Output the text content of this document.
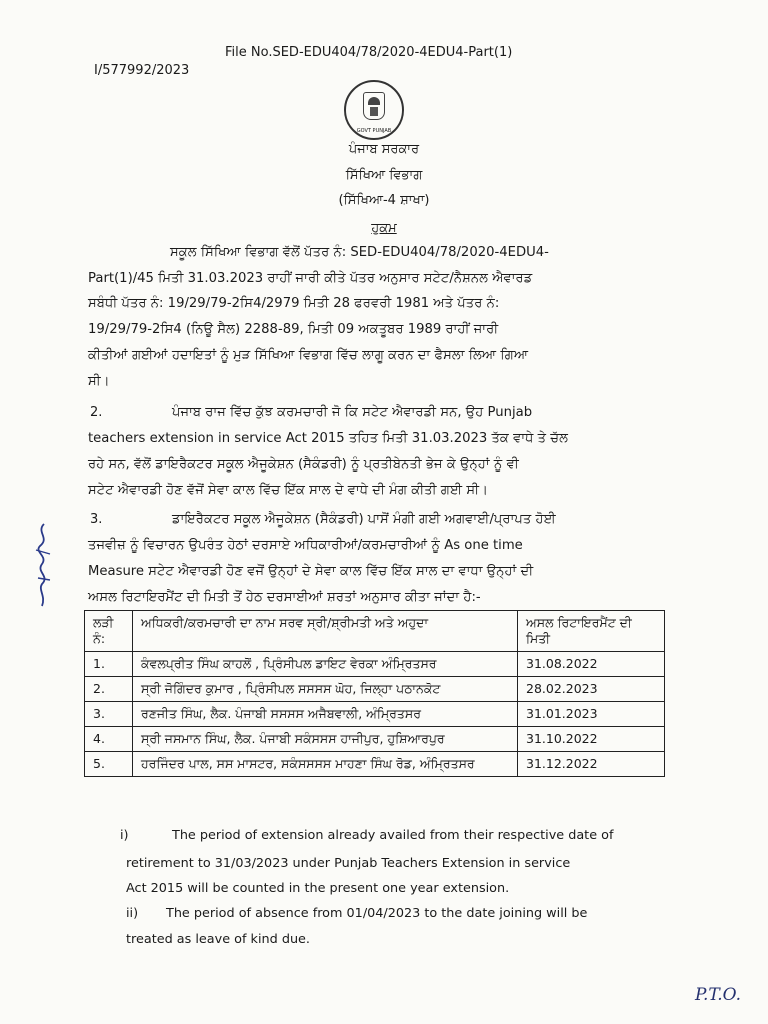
File No.SED-EDU404/78/2020-4EDU4-Part(1)
I/577992/2023
GOVT PUNJAB
ਪੰਜਾਬ ਸਰਕਾਰ
ਸਿੱਖਿਆ ਵਿਭਾਗ
(ਸਿੱਖਿਆ-4 ਸ਼ਾਖਾ)
ਹੁਕਮ
ਸਕੂਲ ਸਿੱਖਿਆ ਵਿਭਾਗ ਵੱਲੋਂ ਪੱਤਰ ਨੰ: SED-EDU404/78/2020-4EDU4-
Part(1)/45 ਮਿਤੀ 31.03.2023 ਰਾਹੀਂ ਜਾਰੀ ਕੀਤੇ ਪੱਤਰ ਅਨੁਸਾਰ ਸਟੇਟ/ਨੈਸ਼ਨਲ ਐਵਾਰਡ
ਸਬੰਧੀ ਪੱਤਰ ਨੰ: 19/29/79-2ਸਿ4/2979 ਮਿਤੀ 28 ਫਰਵਰੀ 1981 ਅਤੇ ਪੱਤਰ ਨੰ:
19/29/79-2ਸਿ4 (ਨਿਊ ਸੈਲ) 2288-89, ਮਿਤੀ 09 ਅਕਤੂਬਰ 1989 ਰਾਹੀਂ ਜਾਰੀ
ਕੀਤੀਆਂ ਗਈਆਂ ਹਦਾਇਤਾਂ ਨੂੰ ਮੁੜ ਸਿੱਖਿਆ ਵਿਭਾਗ ਵਿੱਚ ਲਾਗੂ ਕਰਨ ਦਾ ਫੈਸਲਾ ਲਿਆ ਗਿਆ
ਸੀ।
2.	ਪੰਜਾਬ ਰਾਜ ਵਿੱਚ ਕੁੱਝ ਕਰਮਚਾਰੀ ਜੋ ਕਿ ਸਟੇਟ ਐਵਾਰਡੀ ਸਨ, ਉਹ Punjab
teachers extension in service Act 2015 ਤਹਿਤ ਮਿਤੀ 31.03.2023 ਤੱਕ ਵਾਧੇ ਤੇ ਚੱਲ
ਰਹੇ ਸਨ, ਵੱਲੋਂ ਡਾਇਰੈਕਟਰ ਸਕੂਲ ਐਜੂਕੇਸ਼ਨ (ਸੈਕੰਡਰੀ) ਨੂੰ ਪ੍ਰਤੀਬੇਨਤੀ ਭੇਜ ਕੇ ਉਨ੍ਹਾਂ ਨੂੰ ਵੀ
ਸਟੇਟ ਐਵਾਰਡੀ ਹੋਣ ਵੱਜੋਂ ਸੇਵਾ ਕਾਲ ਵਿੱਚ ਇੱਕ ਸਾਲ ਦੇ ਵਾਧੇ ਦੀ ਮੰਗ ਕੀਤੀ ਗਈ ਸੀ।
3.	ਡਾਇਰੈਕਟਰ ਸਕੂਲ ਐਜੂਕੇਸ਼ਨ (ਸੈਕੰਡਰੀ) ਪਾਸੋਂ ਮੰਗੀ ਗਈ ਅਗਵਾਈ/ਪ੍ਰਾਪਤ ਹੋਈ
ਤਜਵੀਜ਼ ਨੂੰ ਵਿਚਾਰਨ ਉਪਰੰਤ ਹੇਠਾਂ ਦਰਸਾਏ ਅਧਿਕਾਰੀਆਂ/ਕਰਮਚਾਰੀਆਂ ਨੂੰ As one time
Measure ਸਟੇਟ ਐਵਾਰਡੀ ਹੋਣ ਵਜੋਂ ਉਨ੍ਹਾਂ ਦੇ ਸੇਵਾ ਕਾਲ ਵਿੱਚ ਇੱਕ ਸਾਲ ਦਾ ਵਾਧਾ ਉਨ੍ਹਾਂ ਦੀ
ਅਸਲ ਰਿਟਾਇਰਮੈਂਟ ਦੀ ਮਿਤੀ ਤੋਂ ਹੇਠ ਦਰਸਾਈਆਂ ਸ਼ਰਤਾਂ ਅਨੁਸਾਰ ਕੀਤਾ ਜਾਂਦਾ ਹੈ:-
ਲੜੀ ਨੰ:	ਅਧਿਕਰੀ/ਕਰਮਚਾਰੀ ਦਾ ਨਾਮ ਸਰਵ ਸ੍ਰੀ/ਸ਼੍ਰੀਮਤੀ ਅਤੇ ਅਹੁਦਾ	ਅਸਲ ਰਿਟਾਇਰਮੈਂਟ ਦੀ ਮਿਤੀ
1.	ਕੰਵਲਪ੍ਰੀਤ ਸਿੰਘ ਕਾਹਲੋਂ , ਪ੍ਰਿੰਸੀਪਲ ਡਾਇਟ ਵੇਰਕਾ ਅੰਮ੍ਰਿਤਸਰ	31.08.2022
2.	ਸ੍ਰੀ ਜੋਗਿੰਦਰ ਕੁਮਾਰ , ਪ੍ਰਿੰਸੀਪਲ ਸਸਸਸ ਘੋਹ, ਜਿਲ੍ਹਾ ਪਠਾਨਕੋਟ	28.02.2023
3.	ਰਣਜੀਤ ਸਿੰਘ, ਲੈਕ. ਪੰਜਾਬੀ ਸਸਸਸ ਅਜੈਬਵਾਲੀ, ਅੰਮ੍ਰਿਤਸਰ	31.01.2023
4.	ਸ੍ਰੀ ਜਸਮਾਨ ਸਿੰਘ, ਲੈਕ. ਪੰਜਾਬੀ ਸਕੰਸਸਸ ਹਾਜੀਪੁਰ, ਹੁਸ਼ਿਆਰਪੁਰ	31.10.2022
5.	ਹਰਜਿੰਦਰ ਪਾਲ, ਸਸ ਮਾਸਟਰ, ਸਕੰਸਸਸਸ ਮਾਹਣਾ ਸਿੰਘ ਰੋਡ, ਅੰਮ੍ਰਿਤਸਰ	31.12.2022
i)	The period of extension already availed from their respective date of
retirement to 31/03/2023 under Punjab Teachers Extension in service
Act 2015 will be counted in the present one year extension.
ii) The period of absence from 01/04/2023 to the date joining will be
treated as leave of kind due.
P.T.O.
